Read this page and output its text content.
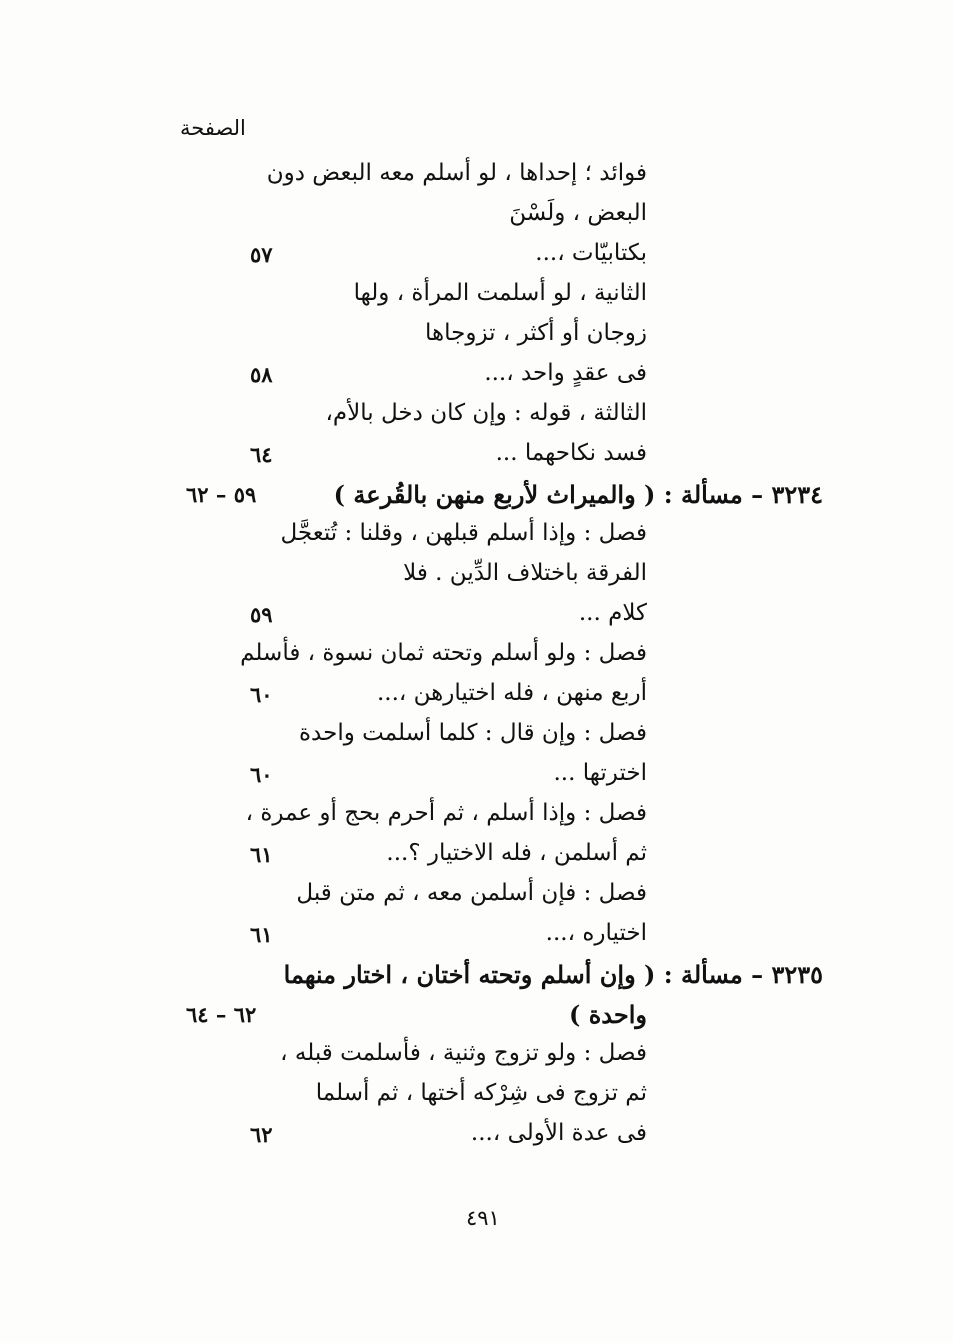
الصفحة
فوائد ؛ إحداها ، لو أسلم معه البعض دون
البعض ، ولَسْنَ
بكتابيّات ،...
٥٧
الثانية ، لو أسلمت المرأة ، ولها
زوجان أو أكثر ، تزوجاها
فى عقدٍ واحد ،...
٥٨
الثالثة ، قوله : وإن كان دخل بالأم،
فسد نكاحهما ...
٦٤
٣٢٣٤ – مسألة : ( والميراث لأربع منهن بالقُرعة )
٥٩ – ٦٢
فصل : وإذا أسلم قبلهن ، وقلنا : تُتعجَّل
الفرقة باختلاف الدِّين . فلا
كلام ...
٥٩
فصل : ولو أسلم وتحته ثمان نسوة ، فأسلم
أربع منهن ، فله اختيارهن ،...
٦٠
فصل : وإن قال : كلما أسلمت واحدة
اخترتها ...
٦٠
فصل : وإذا أسلم ، ثم أحرم بحج أو عمرة ،
ثم أسلمن ، فله الاختيار ؟...
٦١
فصل : فإن أسلمن معه ، ثم متن قبل
اختياره ،...
٦١
٣٢٣٥ – مسألة : ( وإن أسلم وتحته أختان ، اختار منهما
واحدة )
٦٢ – ٦٤
فصل : ولو تزوج وثنية ، فأسلمت قبله ،
ثم تزوج فى شِرْكه أختها ، ثم أسلما
فى عدة الأولى ،...
٦٢
٤٩١
